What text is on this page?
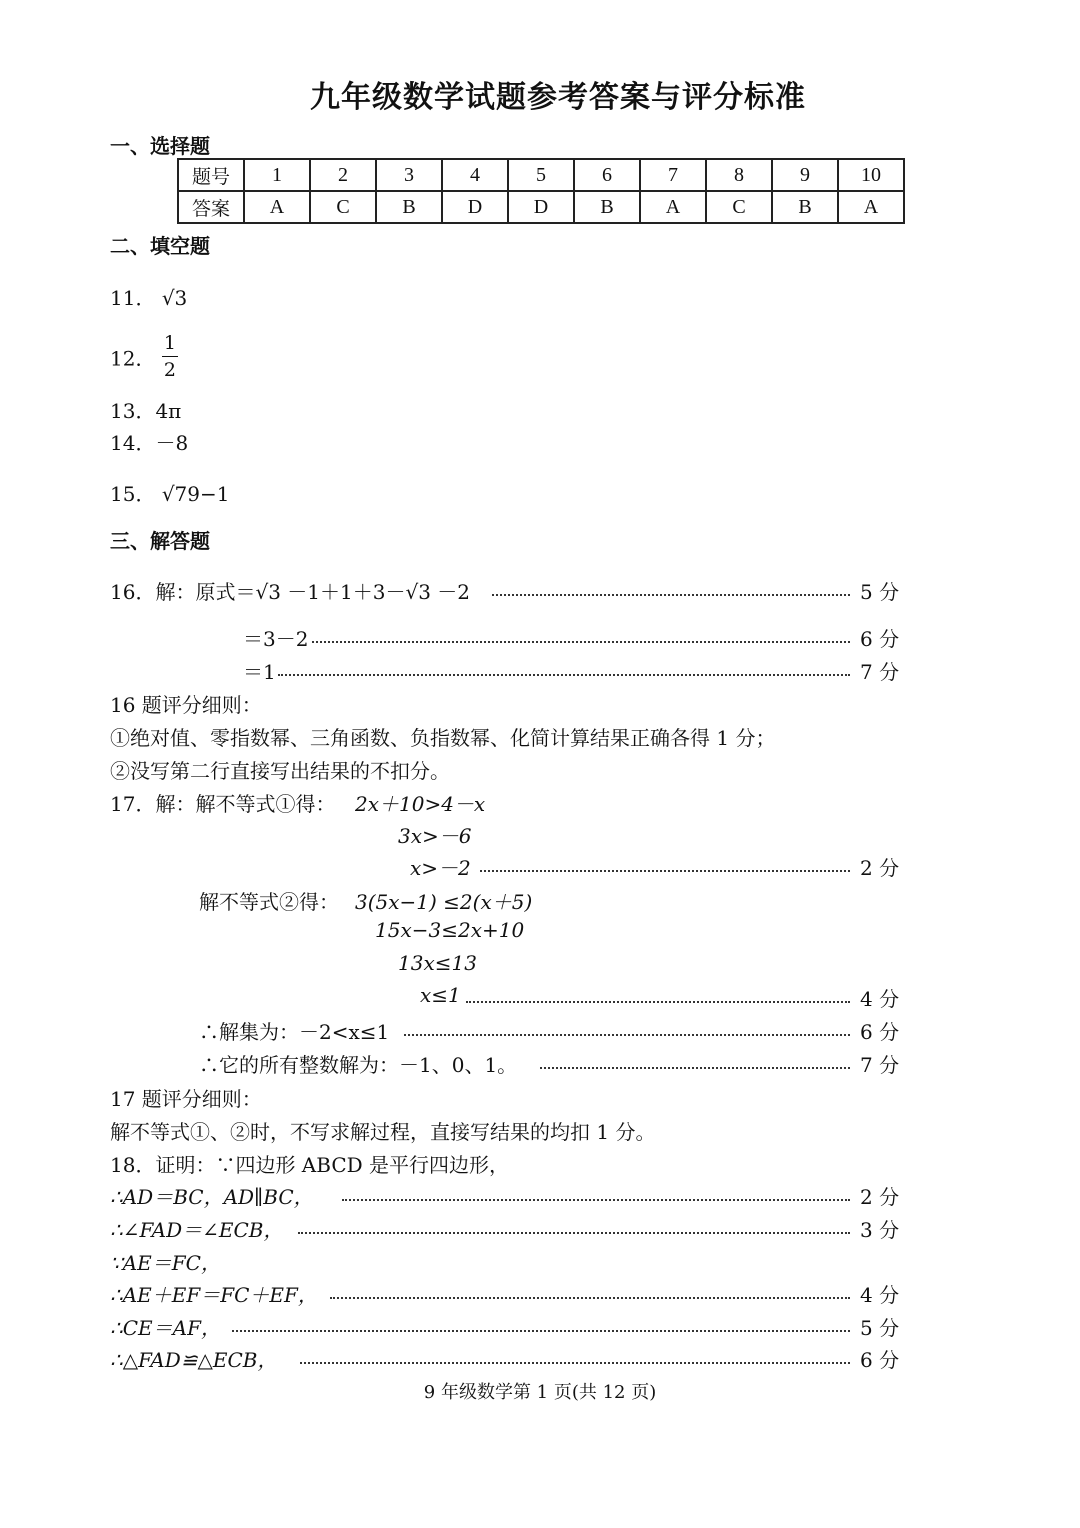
九年级数学试题参考答案与评分标准
一、选择题
题号	1	2	3	4	5	6	7	8	9	10
答案	A	C	B	D	D	B	A	C	B	A
二、填空题
11． √3
12． $\frac{1}{2}$
13．4π
14．－8
15． √79−1
三、解答题
16．解：原式＝√3 －1＋1＋3－√3 －2	5 分
＝3－2	6 分
＝1	7 分
16 题评分细则：
①绝对值、零指数幂、三角函数、负指数幂、化简计算结果正确各得 1 分；
②没写第二行直接写出结果的不扣分。
17．解：解不等式①得： 2x＋10>4－x
3x>－6
x>－2	2 分
解不等式②得： 3(5x−1) ≤2(x＋5)
15x−3≤2x+10
13x≤13
x≤1	4 分
∴解集为：－2<x≤1	6 分
∴它的所有整数解为：－1、0、1。	7 分
17 题评分细则：
解不等式①、②时，不写求解过程，直接写结果的均扣 1 分。
18．证明：∵四边形 ABCD 是平行四边形，
∴AD＝BC，AD∥BC，	2 分
∴∠FAD＝∠ECB，	3 分
∵AE＝FC，
∴AE＋EF＝FC＋EF，	4 分
∴CE＝AF，	5 分
∴△FAD≌△ECB，	6 分
9 年级数学第 1 页(共 12 页)
